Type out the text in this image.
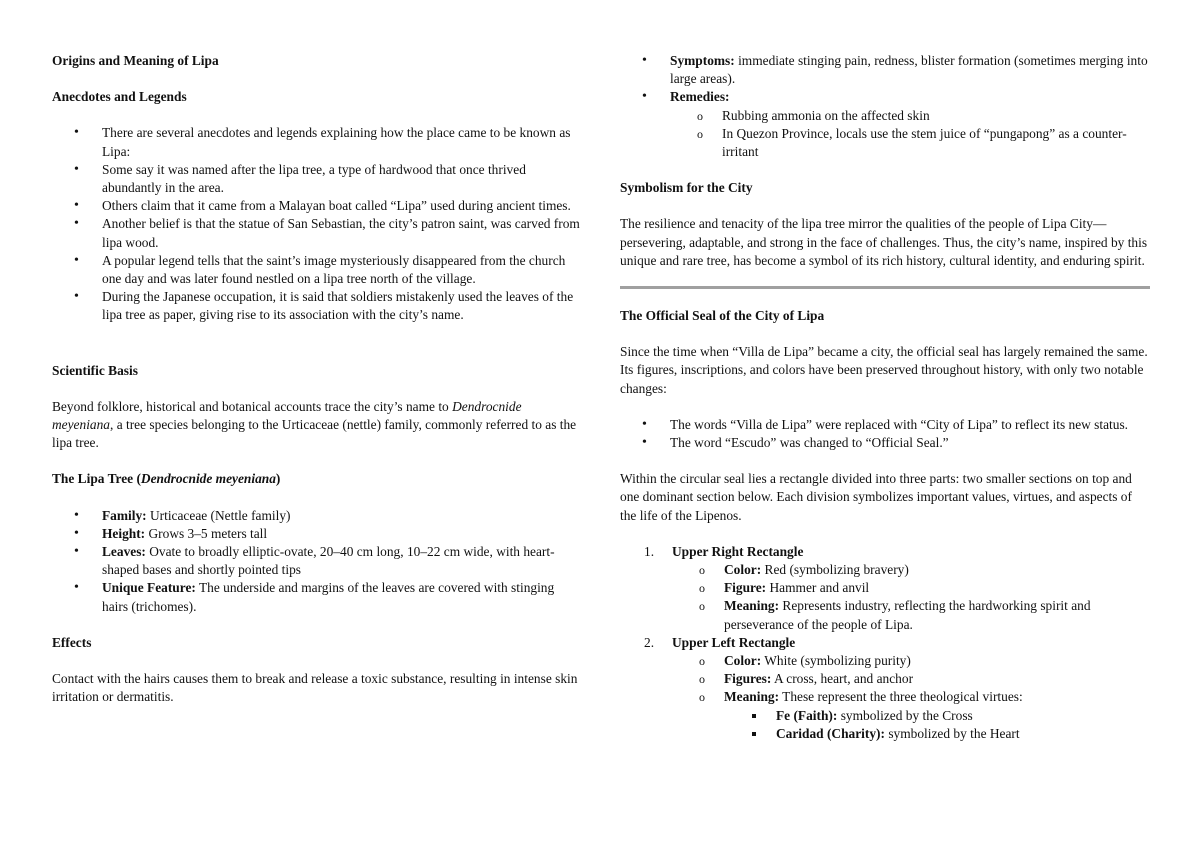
Origins and Meaning of Lipa
Anecdotes and Legends
• There are several anecdotes and legends explaining how the place came to be known as Lipa:
• Some say it was named after the lipa tree, a type of hardwood that once thrived abundantly in the area.
• Others claim that it came from a Malayan boat called “Lipa” used during ancient times.
• Another belief is that the statue of San Sebastian, the city’s patron saint, was carved from lipa wood.
• A popular legend tells that the saint’s image mysteriously disappeared from the church one day and was later found nestled on a lipa tree north of the village.
• During the Japanese occupation, it is said that soldiers mistakenly used the leaves of the lipa tree as paper, giving rise to its association with the city’s name.
Scientific Basis

Beyond folklore, historical and botanical accounts trace the city’s name to Dendrocnide meyeniana, a tree species belonging to the Urticaceae (nettle) family, commonly referred to as the lipa tree.

The Lipa Tree (Dendrocnide meyeniana)
• Family: Urticaceae (Nettle family)
• Height: Grows 3–5 meters tall
• Leaves: Ovate to broadly elliptic-ovate, 20–40 cm long, 10–22 cm wide, with heart-shaped bases and shortly pointed tips
• Unique Feature: The underside and margins of the leaves are covered with stinging hairs (trichomes).
Effects

Contact with the hairs causes them to break and release a toxic substance, resulting in intense skin irritation or dermatitis.

• Symptoms: immediate stinging pain, redness, blister formation (sometimes merging into large areas).
• Remedies:
o Rubbing ammonia on the affected skin
o In Quezon Province, locals use the stem juice of “pungapong” as a counter-irritant
Symbolism for the City

The resilience and tenacity of the lipa tree mirror the qualities of the people of Lipa City—persevering, adaptable, and strong in the face of challenges. Thus, the city’s name, inspired by this unique and rare tree, has become a symbol of its rich history, cultural identity, and enduring spirit.

The Official Seal of the City of Lipa

Since the time when “Villa de Lipa” became a city, the official seal has largely remained the same. Its figures, inscriptions, and colors have been preserved throughout history, with only two notable changes:

• The words “Villa de Lipa” were replaced with “City of Lipa” to reflect its new status.
• The word “Escudo” was changed to “Official Seal.”

Within the circular seal lies a rectangle divided into three parts: two smaller sections on top and one dominant section below. Each division symbolizes important values, virtues, and aspects of the life of the Lipenos.

1. Upper Right Rectangle
o Color: Red (symbolizing bravery)
o Figure: Hammer and anvil
o Meaning: Represents industry, reflecting the hardworking spirit and perseverance of the people of Lipa.
2. Upper Left Rectangle
o Color: White (symbolizing purity)
o Figures: A cross, heart, and anchor
o Meaning: These represent the three theological virtues:
Fe (Faith): symbolized by the Cross
Caridad (Charity): symbolized by the Heart
